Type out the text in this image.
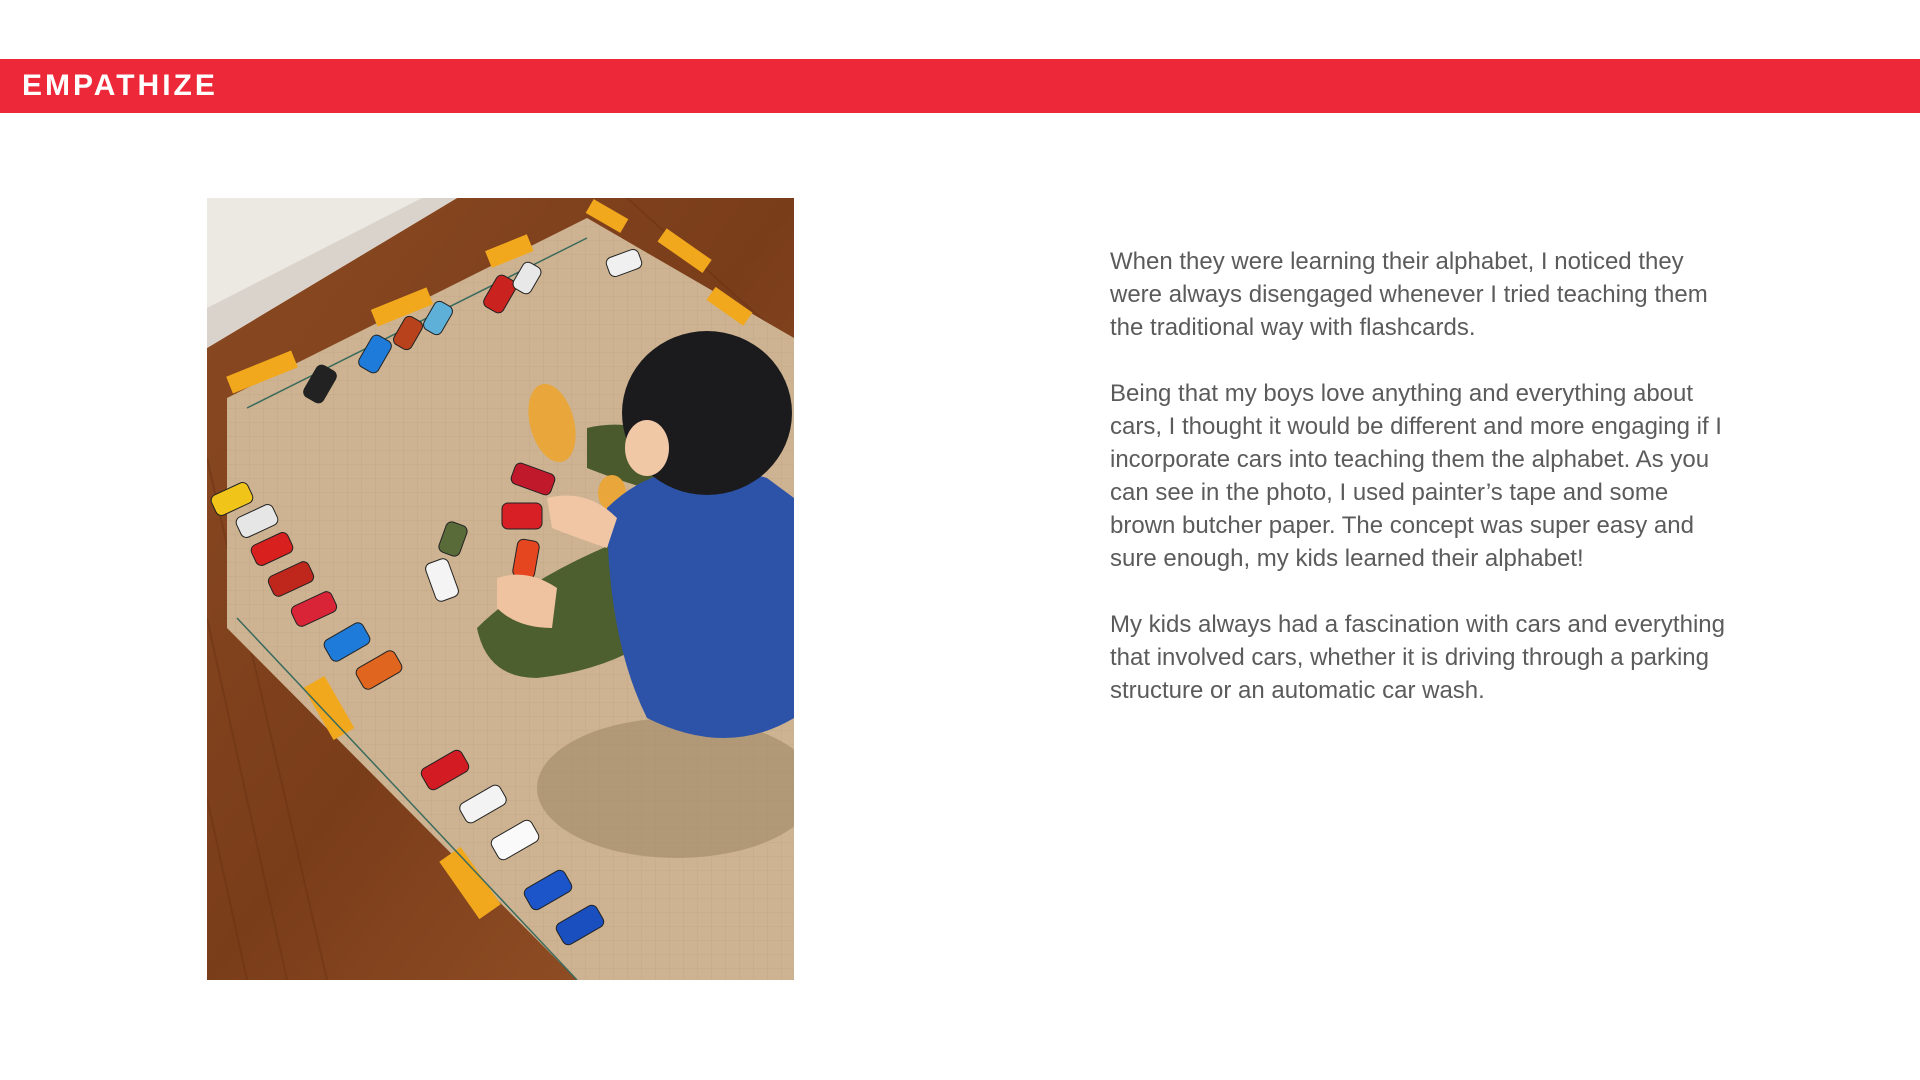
EMPATHIZE

When they were learning their alphabet, I noticed they were always disengaged whenever I tried teaching them the traditional way with flashcards.

Being that my boys love anything and everything about cars, I thought it would be different and more engaging if I incorporate cars into teaching them the alphabet. As you can see in the photo, I used painter’s tape and some brown butcher paper. The concept was super easy and sure enough, my kids learned their alphabet!

My kids always had a fascination with cars and everything that involved cars, whether it is driving through a parking structure or an automatic car wash.
